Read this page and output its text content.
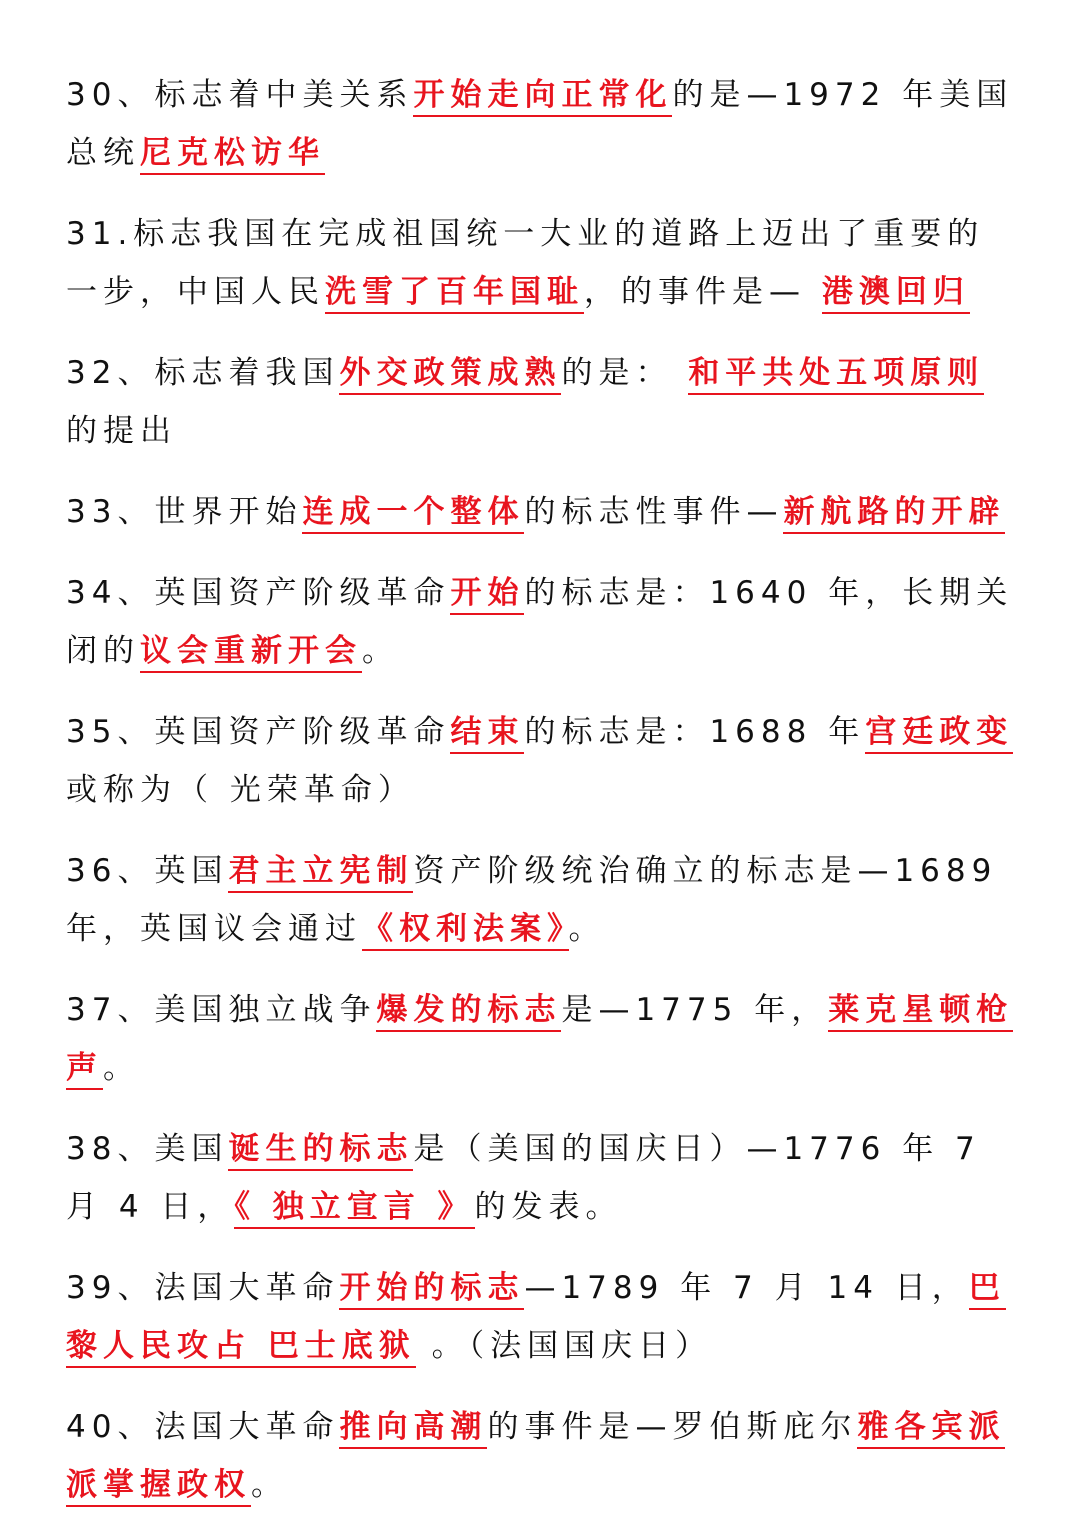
30、标志着中美关系开始走向正常化的是—1972 年美国总统尼克松访华
31.标志我国在完成祖国统一大业的道路上迈出了重要的一步，中国人民洗雪了百年国耻，的事件是— 港澳回归
32、标志着我国外交政策成熟的是： 和平共处五项原则的提出
33、世界开始连成一个整体的标志性事件—新航路的开辟
34、英国资产阶级革命开始的标志是：1640 年，长期关闭的议会重新开会。
35、英国资产阶级革命结束的标志是：1688 年宫廷政变或称为（ 光荣革命）
36、英国君主立宪制资产阶级统治确立的标志是—1689 年，英国议会通过《权利法案》。
37、美国独立战争爆发的标志是—1775 年，莱克星顿枪声。
38、美国诞生的标志是（美国的国庆日）—1776 年 7 月 4 日，《 独立宣言 》的发表。
39、法国大革命开始的标志—1789 年 7 月 14 日，巴黎人民攻占 巴士底狱 。（法国国庆日）
40、法国大革命推向高潮的事件是—罗伯斯庇尔雅各宾派派掌握政权。
